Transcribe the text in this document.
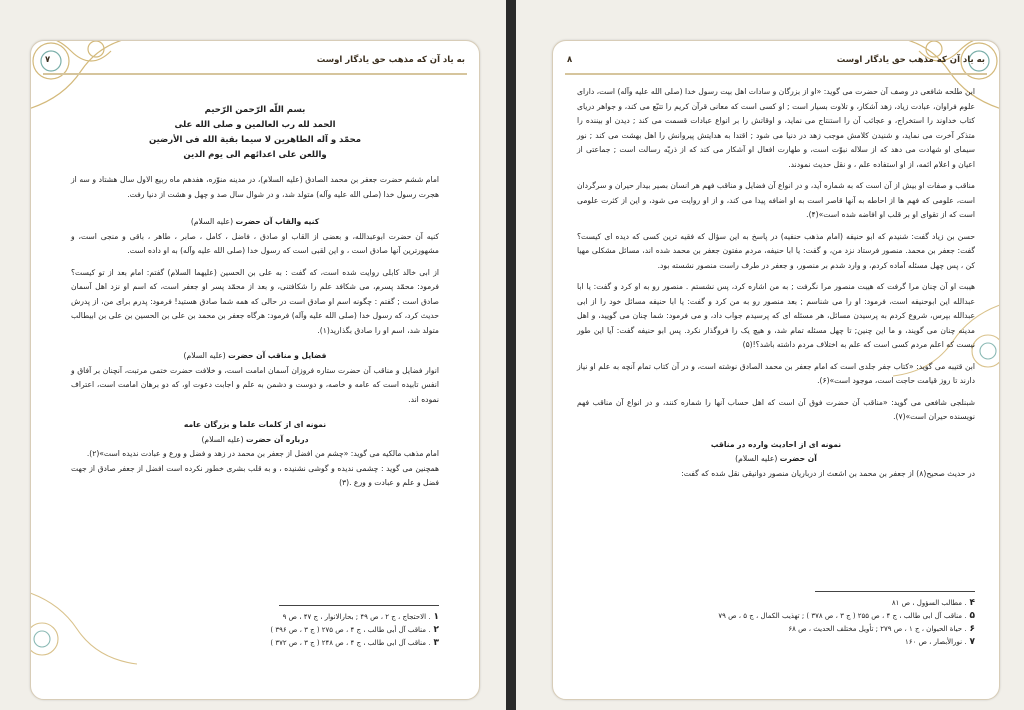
به یاد آن که مذهب حق یادگار اوست
۷
بسم اللّه الرّحمن الرّحیم
الحمد لله رب العالمین و صلی الله علی
محمّد و آله الطاهرین لا سیما بقیة الله فی الأرضین
واللعن علی اعدائهم الی یوم الدین

امام ششم حضرت جعفر بن محمد الصادق (علیه السلام)، در مدینه منوّره، هفدهم ماه ربیع الاول سال هشتاد و سه از هجرت رسول خدا (صلی الله علیه وآله) متولد شد، و در شوال سال صد و چهل و هشت از دنیا رفت.

کنیه والقاب آن حضرت (علیه السلام)

کنیه آن حضرت ابوعبدالله، و بعضی از القاب او صادق ، فاضل ، کامل ، صابر ، طاهر ، باقی و منجی است، و مشهورترین آنها صادق است ، و این لقبی است که رسول خدا (صلی الله علیه وآله) به او داده است.

از ابی خالد کابلی روایت شده است، که گفت : به علی بن الحسین (علیهما السلام) گفتم: امام بعد از تو کیست؟ فرمود: محمّد پسرم، می شکافد علم را شکافتنی، و بعد از محمّد پسر او جعفر است، که اسم او نزد اهل آسمان صادق است ; گفتم : چگونه اسم او صادق است در حالی که همه شما صادق هستید! فرمود: پدرم برای من، از پدرش حدیث کرد، که رسول خدا (صلی الله علیه وآله) فرمود: هرگاه جعفر بن محمد بن علی بن الحسین بن علی بن ابیطالب متولد شد، اسم او را صادق بگذارید(۱).

فضایل و مناقب آن حضرت (علیه السلام)

انوار فضایل و مناقب آن حضرت ستاره فروزان آسمان امامت است، و خلافت حضرت ختمی مرتبت، آنچنان بر آفاق و انفس تابیده است که عامه و خاصه، و دوست و دشمن به علم و اجابت دعوت او، که دو برهان امامت است، اعتراف نموده اند.

نمونه ای از کلمات علما و بزرگان عامه
درباره آن حضرت (علیه السلام)

امام مذهب مالکیه می گوید: «چشم من افضل از جعفر بن محمد در زهد و فضل و ورع و عبادت ندیده است»(۲).

همچنین می گوید : چشمی ندیده و گوشی نشنیده ، و به قلب بشری خطور نکرده است افضل از جعفر صادق از جهت فضل و علم و عبادت و ورع .(۳)

۱. الاحتجاج ، ج ۲ ، ص ۴۹ ; بحارالانوار ، ج ۴۷ ، ص ۹
۲. مناقب آل أبی طالب ، ج ۴ ، ص ۲۷۵ ( ج ۳ ، ص ۳۹۶ )
۳. مناقب آل ابی طالب ، ج ۴ ، ص ۲۴۸ ( ج ۳ ، ص ۳۷۲ )
به یاد آن که مذهب حق یادگار اوست
۸

ابن طلحه شافعی در وصف آن حضرت می گوید: «او از بزرگان و سادات اهل بیت رسول خدا (صلی الله علیه وآله) است، دارای علوم فراوان، عبادت زیاد، زهد آشکار، و تلاوت بسیار است ; او کسی است که معانی قرآن کریم را تتبّع می کند، و جواهر دریای کتاب خداوند را استخراج، و عجائب آن را استنتاج می نماید، و اوقاتش را بر انواع عبادات قسمت می کند ; دیدن او بیننده را متذکر آخرت می نماید، و شنیدن کلامش موجب زهد در دنیا می شود ; اقتدا به هدایتش پیروانش را اهل بهشت می کند ; نور سیمای او شهادت می دهد که از سلاله نبوّت است، و طهارت افعال او آشکار می کند که از ذریّه رسالت است ; جماعتی از اعیان و اعلام ائمه، از او استفاده علم ، و نقل حدیث نمودند.

مناقب و صفات او بیش از آن است که به شماره آید، و در انواع آن فضایل و مناقب فهم هر انسان بصیر بیدار حیران و سرگردان است، علومی که فهم ها از احاطه به آنها قاصر است به او اضافه پیدا می کند، و از او روایت می شود، و این از کثرت علومی است که از تقوای او بر قلب او افاضه شده است»(۴).

حسن بن زیاد گفت: شنیدم که ابو حنیفه (امام مذهب حنفیه) در پاسخ به این سؤال که فقیه ترین کسی که دیده ای کیست؟ گفت: جعفر بن محمد. منصور فرستاد نزد من، و گفت: یا ابا حنیفه، مردم مفتون جعفر بن محمد شده اند، مسائل مشکلی مهیا کن ، پس چهل مسئله آماده کردم، و وارد شدم بر منصور، و جعفر در طرف راست منصور نشسته بود.

هیبت او آن چنان مرا گرفت که هیبت منصور مرا نگرفت ; به من اشاره کرد، پس نشستم . منصور رو به او کرد و گفت: یا ابا عبدالله این ابوحنیفه است، فرمود: او را می شناسم ; بعد منصور رو به من کرد و گفت: یا ابا حنیفه مسائل خود را از ابی عبدالله بپرس، شروع کردم به پرسیدن مسائل، هر مسئله ای که پرسیدم جواب داد، و می فرمود: شما چنان می گویید، و اهل مدینه چنان می گویند، و ما این چنین; تا چهل مسئله تمام شد، و هیچ یک را فروگذار نکرد. پس ابو حنیفه گفت: آیا این طور نیست که اعلم مردم کسی است که علم به اختلاف مردم داشته باشد؟!(۵)

ابن قتیبه می گوید: «کتاب جفر جلدی است که امام جعفر بن محمد الصادق نوشته است، و در آن کتاب تمام آنچه به علم او نیاز دارند تا روز قیامت حاجت است، موجود است»(۶).

شبنلجی شافعی می گوید: «مناقب آن حضرت فوق آن است که اهل حساب آنها را شماره کنند، و در انواع آن مناقب فهم نویسنده حیران است»(۷).

نمونه ای از احادیث وارده در مناقب
آن حضرت (علیه السلام)

در حدیث صحیح(۸) از جعفر بن محمد بن اشعث از درباریان منصور دوانیقی نقل شده که گفت:

۴. مطالب السؤول ، ص ۸۱
۵. مناقب آل ابی طالب ، ج ۴ ، ص ۲۵۵ ( ج ۳ ، ص ۳۷۸ ) ; تهذیب الکمال ، ج ۵ ، ص ۷۹
۶. حیاة الحیوان ، ج ۱ ، ص ۲۷۹ ; تأویل مختلف الحدیث ، ص ۶۸
۷. نورالأبصار ، ص ۱۶۰
